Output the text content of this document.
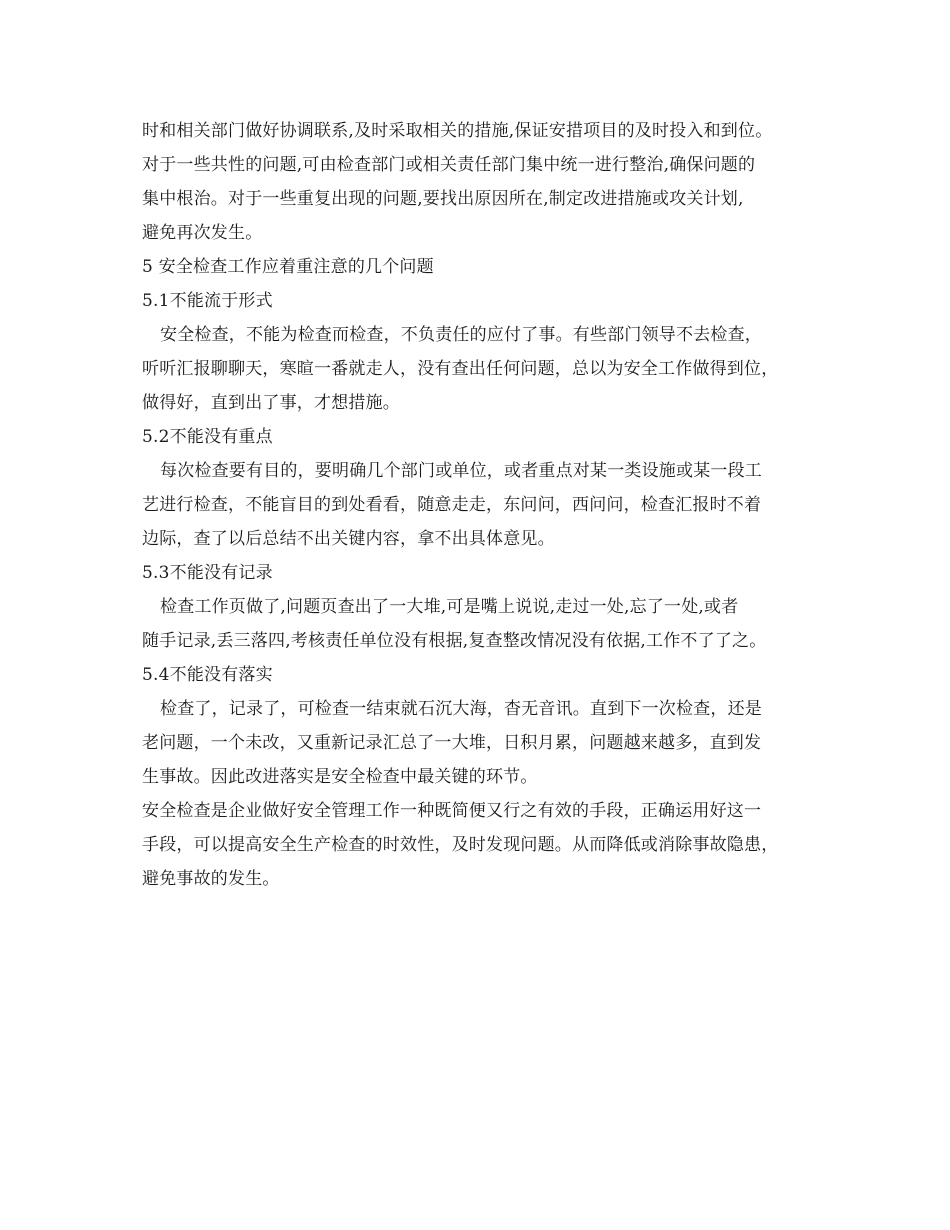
时和相关部门做好协调联系,及时采取相关的措施,保证安措项目的及时投入和到位。
对于一些共性的问题,可由检查部门或相关责任部门集中统一进行整治,确保问题的
集中根治。对于一些重复出现的问题,要找出原因所在,制定改进措施或攻关计划,
避免再次发生。
5 安全检查工作应着重注意的几个问题
5.1不能流于形式
安全检查，不能为检查而检查，不负责任的应付了事。有些部门领导不去检查，
听听汇报聊聊天，寒暄一番就走人，没有查出任何问题，总以为安全工作做得到位，
做得好，直到出了事，才想措施。
5.2不能没有重点
每次检查要有目的，要明确几个部门或单位，或者重点对某一类设施或某一段工
艺进行检查，不能盲目的到处看看，随意走走，东问问，西问问，检查汇报时不着
边际，查了以后总结不出关键内容，拿不出具体意见。
5.3不能没有记录
检查工作页做了,问题页查出了一大堆,可是嘴上说说,走过一处,忘了一处,或者
随手记录,丢三落四,考核责任单位没有根据,复查整改情况没有依据,工作不了了之。
5.4不能没有落实
检查了，记录了，可检查一结束就石沉大海，杳无音讯。直到下一次检查，还是
老问题，一个未改，又重新记录汇总了一大堆，日积月累，问题越来越多，直到发
生事故。因此改进落实是安全检查中最关键的环节。
安全检查是企业做好安全管理工作一种既简便又行之有效的手段，正确运用好这一
手段，可以提高安全生产检查的时效性，及时发现问题。从而降低或消除事故隐患，
避免事故的发生。
